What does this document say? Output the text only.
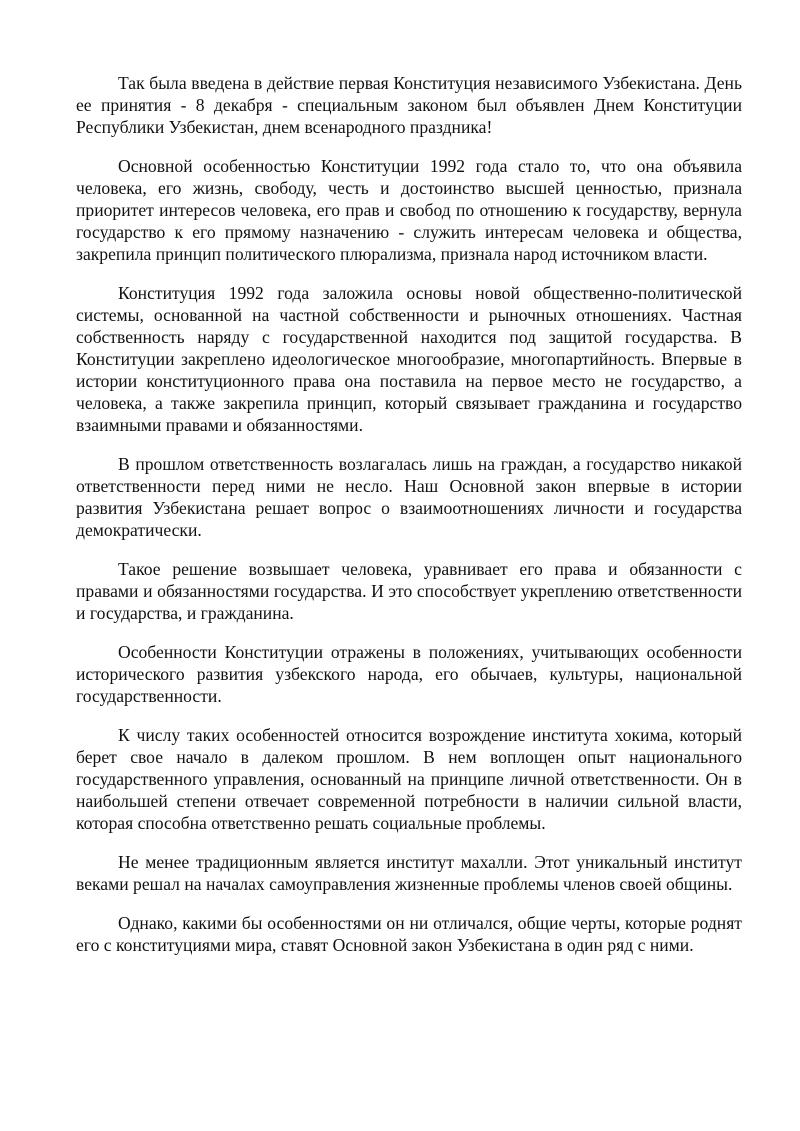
Так была введена в действие первая Конституция независимого Узбекистана. День ее принятия - 8 декабря - специальным законом был объявлен Днем Конституции Республики Узбекистан, днем всенародного праздника!

Основной особенностью Конституции 1992 года стало то, что она объявила человека, его жизнь, свободу, честь и достоинство высшей ценностью, признала приоритет интересов человека, его прав и свобод по отношению к государству, вернула государство к его прямому назначению - служить интересам человека и общества, закрепила принцип политического плюрализма, признала народ источником власти.

Конституция 1992 года заложила основы новой общественно-политической системы, основанной на частной собственности и рыночных отношениях. Частная собственность наряду с государственной находится под защитой государства. В Конституции закреплено идеологическое многообразие, многопартийность. Впервые в истории конституционного права она поставила на первое место не государство, а человека, а также закрепила принцип, который связывает гражданина и государство взаимными правами и обязанностями.

В прошлом ответственность возлагалась лишь на граждан, а государство никакой ответственности перед ними не несло. Наш Основной закон впервые в истории развития Узбекистана решает вопрос о взаимоотношениях личности и государства демократически.

Такое решение возвышает человека, уравнивает его права и обязанности с правами и обязанностями государства. И это способствует укреплению ответственности и государства, и гражданина.

Особенности Конституции отражены в положениях, учитывающих особенности исторического развития узбекского народа, его обычаев, культуры, национальной государственности.

К числу таких особенностей относится возрождение института хокима, который берет свое начало в далеком прошлом. В нем воплощен опыт национального государственного управления, основанный на принципе личной ответственности. Он в наибольшей степени отвечает современной потребности в наличии сильной власти, которая способна ответственно решать социальные проблемы.

Не менее традиционным является институт махалли. Этот уникальный институт веками решал на началах самоуправления жизненные проблемы членов своей общины.

Однако, какими бы особенностями он ни отличался, общие черты, которые роднят его с конституциями мира, ставят Основной закон Узбекистана в один ряд с ними.
